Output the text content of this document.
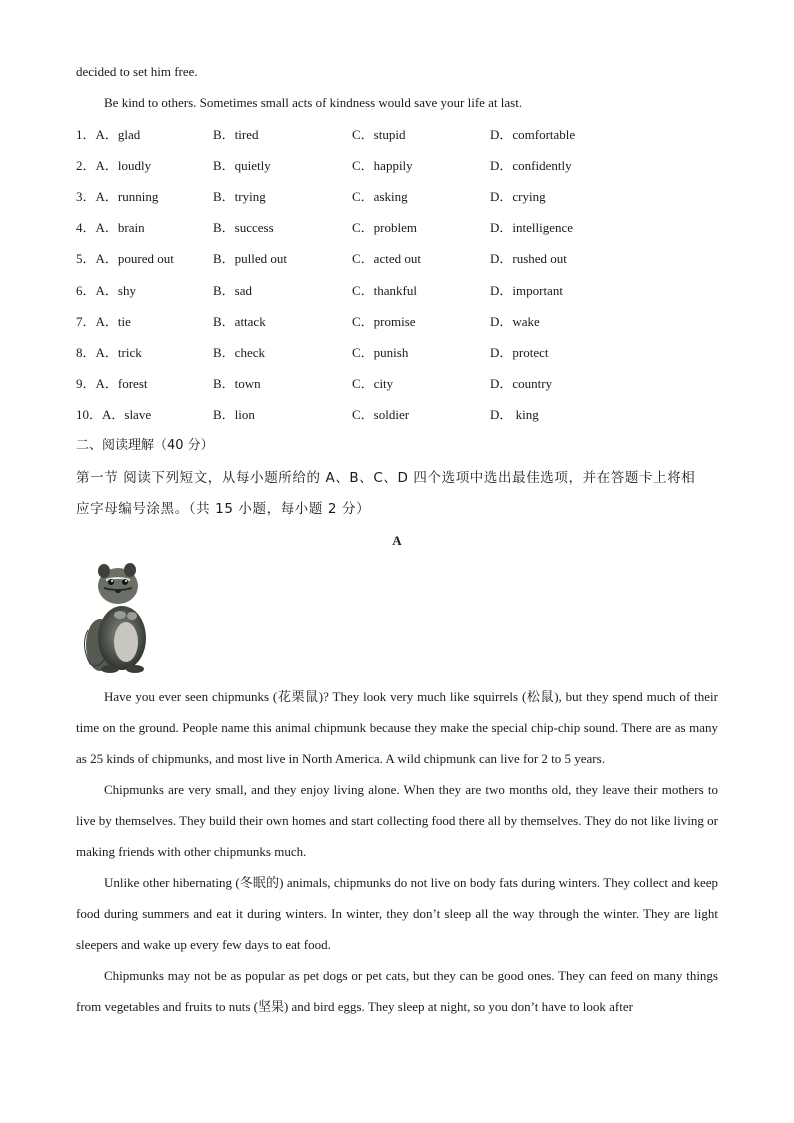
decided to set him free.
Be kind to others. Sometimes small acts of kindness would save your life at last.
1．A．glad	B．tired	C．stupid	D．comfortable
2．A．loudly	B．quietly	C．happily	D．confidently
3．A．running	B．trying	C．asking	D．crying
4．A．brain	B．success	C．problem	D．intelligence
5．A．poured out	B．pulled out	C．acted out	D．rushed out
6．A．shy	B．sad	C．thankful	D．important
7．A．tie	B．attack	C．promise	D．wake
8．A．trick	B．check	C．punish	D．protect
9．A．forest	B．town	C．city	D．country
10．A．slave	B．lion	C．soldier	D． king
二、阅读理解（40 分）
第一节 阅读下列短文，从每小题所给的 A、B、C、D 四个选项中选出最佳选项，并在答题卡上将相
应字母编号涂黑。（共 15 小题，每小题 2 分）
A

Have you ever seen chipmunks (花栗鼠)? They look very much like squirrels (松鼠), but they spend much of their time on the ground. People name this animal chipmunk because they make the special chip-chip sound. There are as many as 25 kinds of chipmunks, and most live in North America. A wild chipmunk can live for 2 to 5 years.

Chipmunks are very small, and they enjoy living alone. When they are two months old, they leave their mothers to live by themselves. They build their own homes and start collecting food there all by themselves. They do not like living or making friends with other chipmunks much.

Unlike other hibernating (冬眠的) animals, chipmunks do not live on body fats during winters. They collect and keep food during summers and eat it during winters. In winter, they don’t sleep all the way through the winter. They are light sleepers and wake up every few days to eat food.

Chipmunks may not be as popular as pet dogs or pet cats, but they can be good ones. They can feed on many things from vegetables and fruits to nuts (坚果) and bird eggs. They sleep at night, so you don’t have to look after
